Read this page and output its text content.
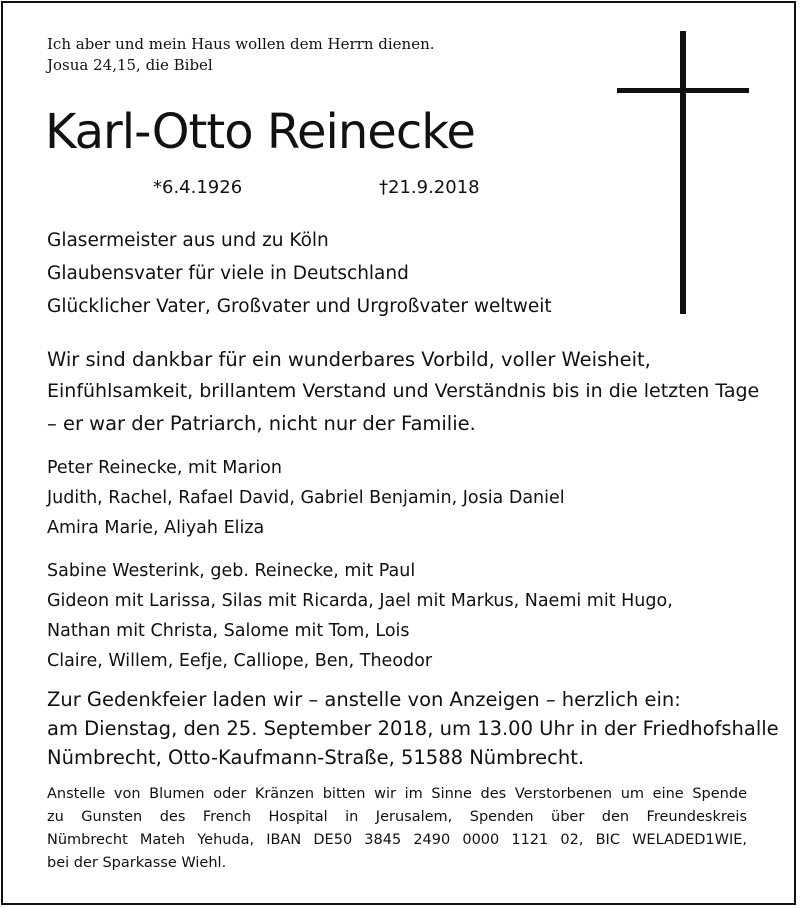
Ich aber und mein Haus wollen dem Herrn dienen.
Josua 24,15, die Bibel
Karl-Otto Reinecke
*6.4.1926	†21.9.2018
Glasermeister aus und zu Köln
Glaubensvater für viele in Deutschland
Glücklicher Vater, Großvater und Urgroßvater weltweit
Wir sind dankbar für ein wunderbares Vorbild, voller Weisheit,
Einfühlsamkeit, brillantem Verstand und Verständnis bis in die letzten Tage
– er war der Patriarch, nicht nur der Familie.
Peter Reinecke, mit Marion
Judith, Rachel, Rafael David, Gabriel Benjamin, Josia Daniel
Amira Marie, Aliyah Eliza
Sabine Westerink, geb. Reinecke, mit Paul
Gideon mit Larissa, Silas mit Ricarda, Jael mit Markus, Naemi mit Hugo,
Nathan mit Christa, Salome mit Tom, Lois
Claire, Willem, Eefje, Calliope, Ben, Theodor
Zur Gedenkfeier laden wir – anstelle von Anzeigen – herzlich ein:
am Dienstag, den 25. September 2018, um 13.00 Uhr in der Friedhofshalle
Nümbrecht, Otto-Kaufmann-Straße, 51588 Nümbrecht.
Anstelle von Blumen oder Kränzen bitten wir im Sinne des Verstorbenen um eine Spende
zu Gunsten des French Hospital in Jerusalem, Spenden über den Freundeskreis
Nümbrecht Mateh Yehuda, IBAN DE50 3845 2490 0000 1121 02, BIC WELADED1WIE,
bei der Sparkasse Wiehl.
